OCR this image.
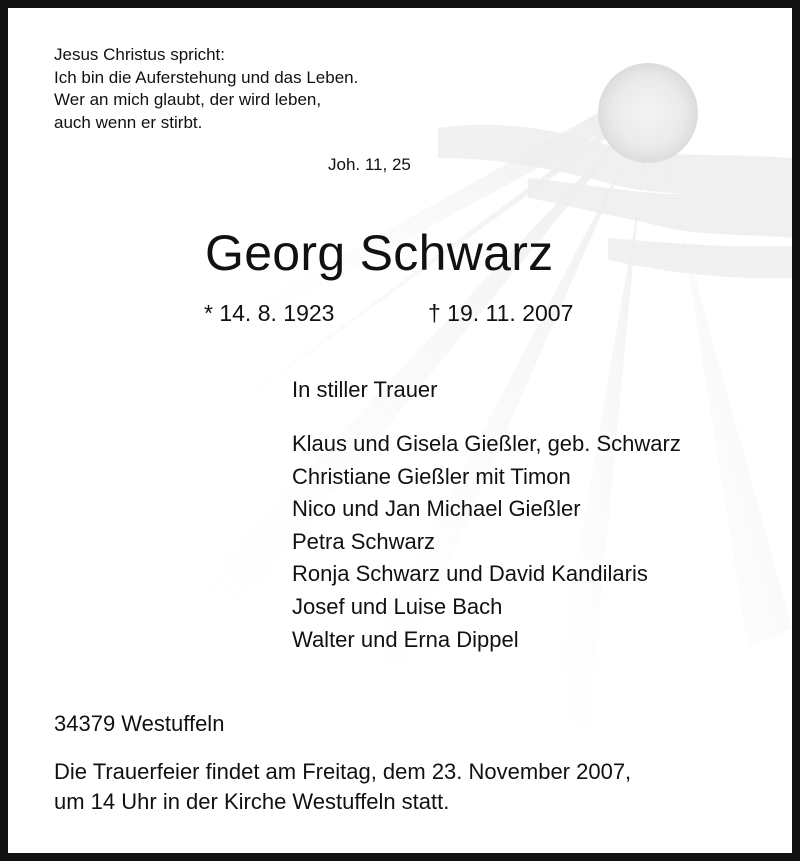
Jesus Christus spricht:
Ich bin die Auferstehung und das Leben.
Wer an mich glaubt, der wird leben,
auch wenn er stirbt.
Joh. 11, 25
Georg Schwarz
* 14. 8. 1923	† 19. 11. 2007
In stiller Trauer
Klaus und Gisela Gießler, geb. Schwarz
Christiane Gießler mit Timon
Nico und Jan Michael Gießler
Petra Schwarz
Ronja Schwarz und David Kandilaris
Josef und Luise Bach
Walter und Erna Dippel
34379 Westuffeln
Die Trauerfeier findet am Freitag, dem 23. November 2007,
um 14 Uhr in der Kirche Westuffeln statt.
